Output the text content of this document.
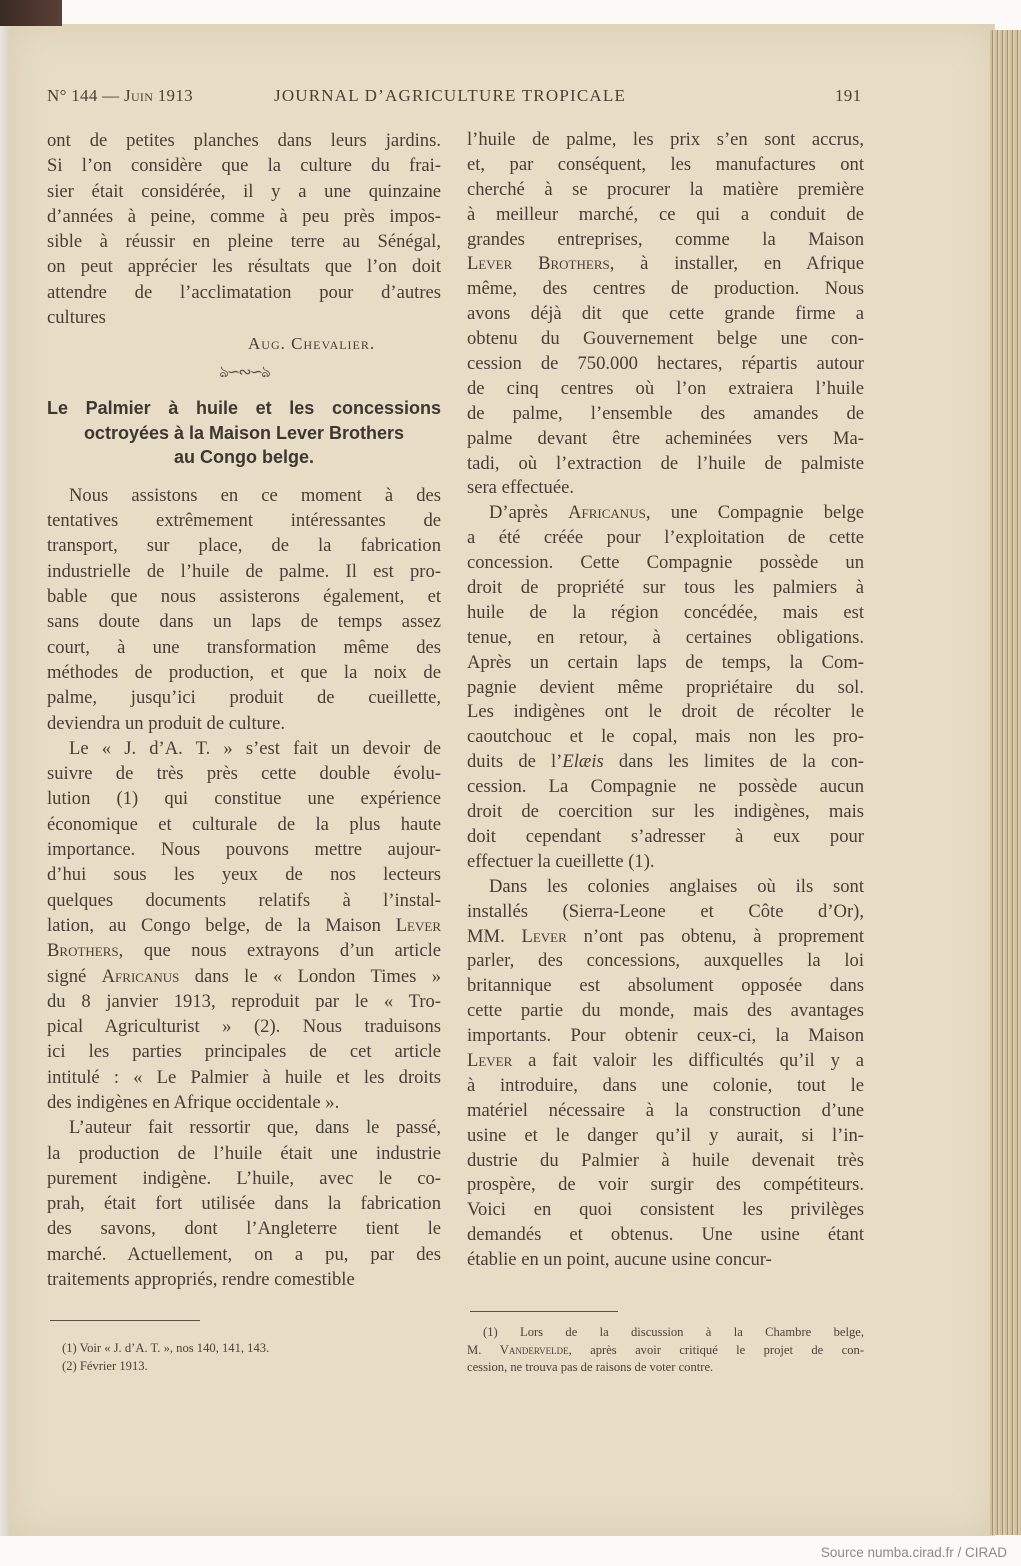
N° 144 — Juin 1913	JOURNAL D’AGRICULTURE TROPICALE	191
ont de petites planches dans leurs jardins.
Si l’on considère que la culture du frai-
sier était considérée, il y a une quinzaine
d’années à peine, comme à peu près impos-
sible à réussir en pleine terre au Sénégal,
on peut apprécier les résultats que l’on doit
attendre de l’acclimatation pour d’autres
cultures
Aug. Chevalier.
ঌ∽∾∽ঌ
Le Palmier à huile et les concessions
octroyées à la Maison Lever Brothers
au Congo belge.
Nous assistons en ce moment à des
tentatives extrêmement intéressantes de
transport, sur place, de la fabrication
industrielle de l’huile de palme. Il est pro-
bable que nous assisterons également, et
sans doute dans un laps de temps assez
court, à une transformation même des
méthodes de production, et que la noix de
palme, jusqu’ici produit de cueillette,
deviendra un produit de culture.
Le « J. d’A. T. » s’est fait un devoir de
suivre de très près cette double évolu-
lution (1) qui constitue une expérience
économique et culturale de la plus haute
importance. Nous pouvons mettre aujour-
d’hui sous les yeux de nos lecteurs
quelques documents relatifs à l’instal-
lation, au Congo belge, de la Maison Lever
Brothers, que nous extrayons d’un article
signé Africanus dans le « London Times »
du 8 janvier 1913, reproduit par le « Tro-
pical Agriculturist » (2). Nous traduisons
ici les parties principales de cet article
intitulé : « Le Palmier à huile et les droits
des indigènes en Afrique occidentale ».
L’auteur fait ressortir que, dans le passé,
la production de l’huile était une industrie
purement indigène. L’huile, avec le co-
prah, était fort utilisée dans la fabrication
des savons, dont l’Angleterre tient le
marché. Actuellement, on a pu, par des
traitements appropriés, rendre comestible
l’huile de palme, les prix s’en sont accrus,
et, par conséquent, les manufactures ont
cherché à se procurer la matière première
à meilleur marché, ce qui a conduit de
grandes entreprises, comme la Maison
Lever Brothers, à installer, en Afrique
même, des centres de production. Nous
avons déjà dit que cette grande firme a
obtenu du Gouvernement belge une con-
cession de 750.000 hectares, répartis autour
de cinq centres où l’on extraiera l’huile
de palme, l’ensemble des amandes de
palme devant être acheminées vers Ma-
tadi, où l’extraction de l’huile de palmiste
sera effectuée.
D’après Africanus, une Compagnie belge
a été créée pour l’exploitation de cette
concession. Cette Compagnie possède un
droit de propriété sur tous les palmiers à
huile de la région concédée, mais est
tenue, en retour, à certaines obligations.
Après un certain laps de temps, la Com-
pagnie devient même propriétaire du sol.
Les indigènes ont le droit de récolter le
caoutchouc et le copal, mais non les pro-
duits de l’Elæis dans les limites de la con-
cession. La Compagnie ne possède aucun
droit de coercition sur les indigènes, mais
doit cependant s’adresser à eux pour
effectuer la cueillette (1).
Dans les colonies anglaises où ils sont
installés (Sierra-Leone et Côte d’Or),
MM. Lever n’ont pas obtenu, à proprement
parler, des concessions, auxquelles la loi
britannique est absolument opposée dans
cette partie du monde, mais des avantages
importants. Pour obtenir ceux-ci, la Maison
Lever a fait valoir les difficultés qu’il y a
à introduire, dans une colonie, tout le
matériel nécessaire à la construction d’une
usine et le danger qu’il y aurait, si l’in-
dustrie du Palmier à huile devenait très
prospère, de voir surgir des compétiteurs.
Voici en quoi consistent les privilèges
demandés et obtenus. Une usine étant
établie en un point, aucune usine concur-
(1) Voir « J. d’A. T. », nos 140, 141, 143.
(2) Février 1913.
(1) Lors de la discussion à la Chambre belge,
M. Vandervelde, après avoir critiqué le projet de con-
cession, ne trouva pas de raisons de voter contre.
Source numba.cirad.fr / CIRAD
